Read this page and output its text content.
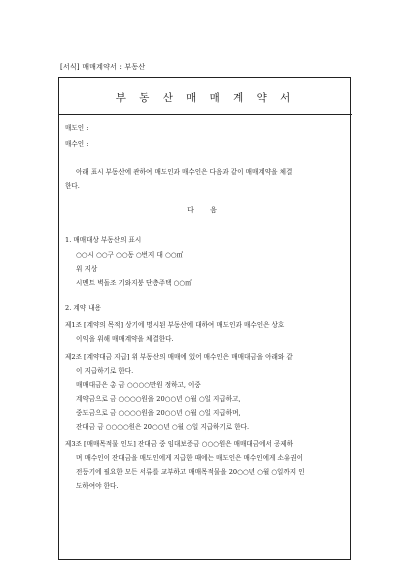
[서식] 매매계약서 : 부동산
부 동 산 매 매 계 약 서
매도인 :
매수인 :
아래 표시 부동산에 관하여 매도인과 매수인은 다음과 같이 매매계약을 체결
한다.
다 음
1. 매매대상 부동산의 표시
○○시 ○○구 ○○동 ○번지 대 ○○㎡
위 지상
시멘트 벽돌조 기와지붕 단층주택 ○○㎡
2. 계약 내용
제1조 [계약의 목적] 상기에 명시된 부동산에 대하여 매도인과 매수인은 상호
이익을 위해 매매계약을 체결한다.
제2조 [계약대금 지급] 위 부동산의 매매에 있어 매수인은 매매대금을 아래와 같
이 지급하기로 한다.
매매대금은 총 금 ○○○○만원 정하고, 이중
계약금으로 금 ○○○○원을 20○○년 ○월 ○일 지급하고,
중도금으로 금 ○○○○원을 20○○년 ○월 ○일 지급하며,
잔대금 금 ○○○○원은 20○○년 ○월 ○일 지급하기로 한다.
제3조 [매매목적물 인도] 잔대금 중 임대보증금 ○○○원은 매매대금에서 공제하
며 매수인이 잔대금을 매도인에게 지급한 때에는 매도인은 매수인에게 소유권이
전등기에 필요한 모든 서류를 교부하고 매매목적물을 20○○년 ○월 ○일까지 인
도하여야 한다.
